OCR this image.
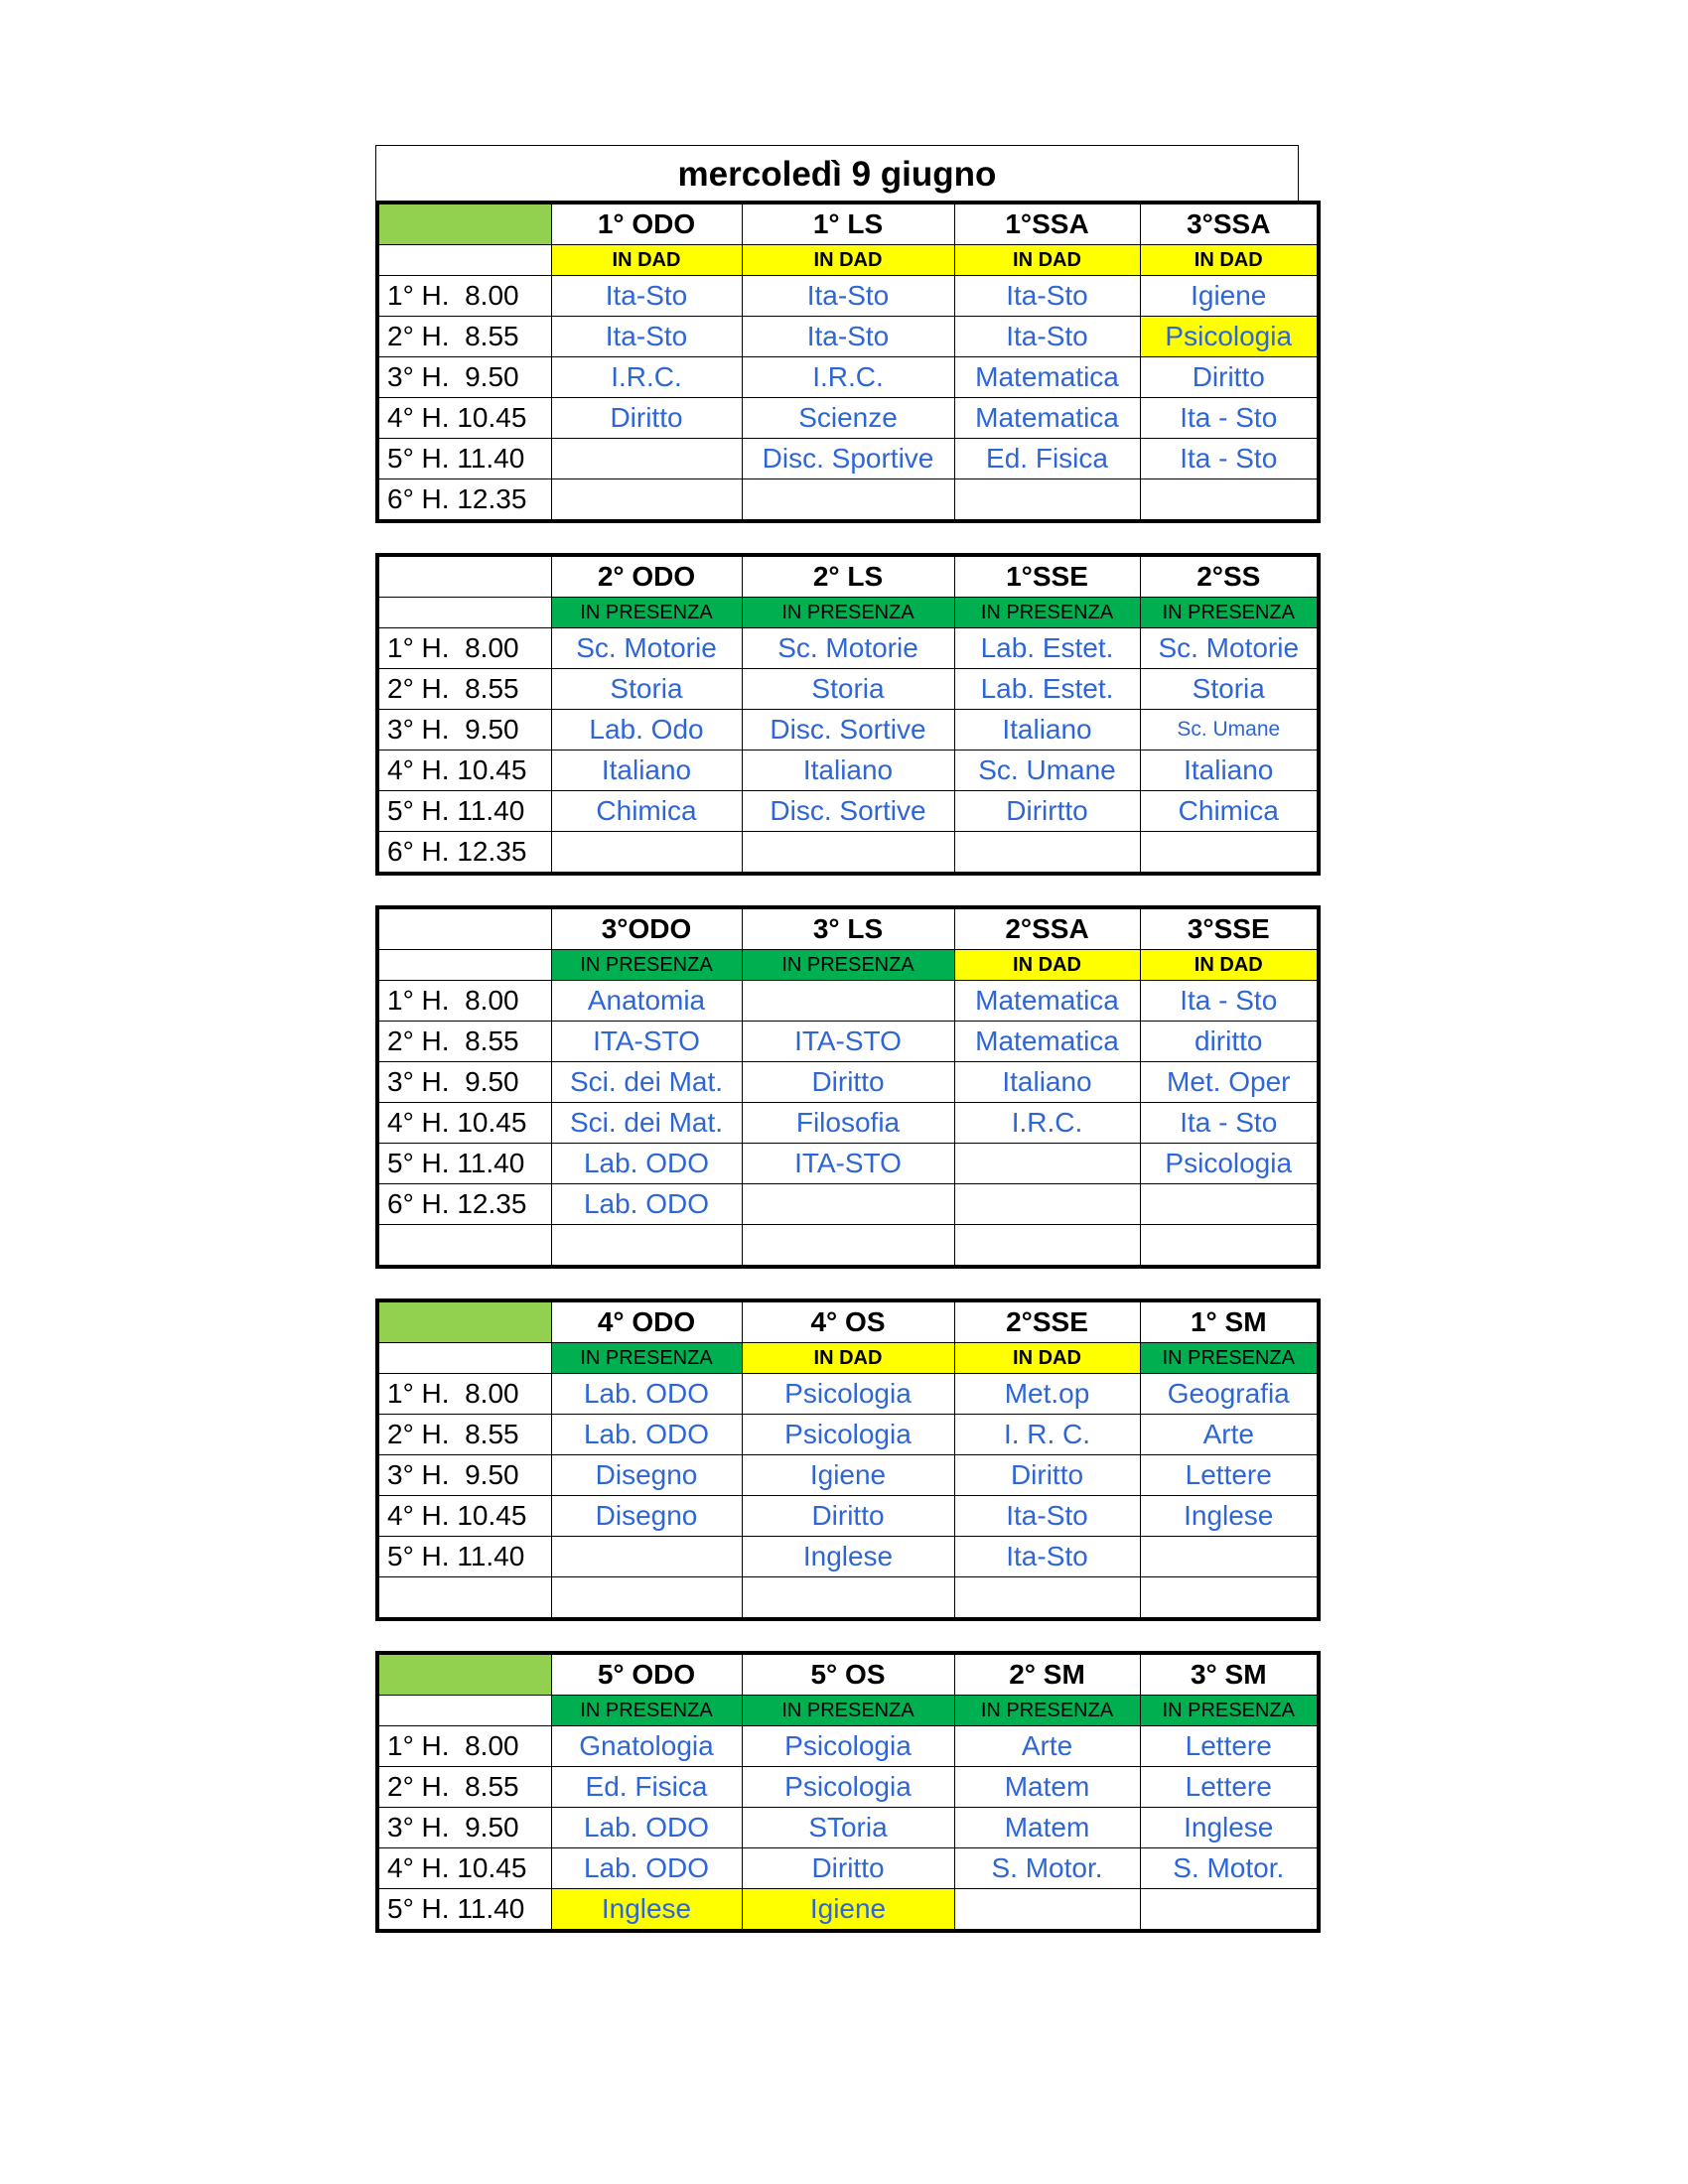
mercoledì 9 giugno
	1° ODO	1° LS	1°SSA	3°SSA
	IN DAD	IN DAD	IN DAD	IN DAD
1° H.  8.00	Ita-Sto	Ita-Sto	Ita-Sto	Igiene
2° H.  8.55	Ita-Sto	Ita-Sto	Ita-Sto	Psicologia
3° H.  9.50	I.R.C.	I.R.C.	Matematica	Diritto
4° H. 10.45	Diritto	Scienze	Matematica	Ita - Sto
5° H. 11.40		Disc. Sportive	Ed. Fisica	Ita - Sto
6° H. 12.35				
	2° ODO	2° LS	1°SSE	2°SS
	IN PRESENZA	IN PRESENZA	IN PRESENZA	IN PRESENZA
1° H.  8.00	Sc. Motorie	Sc. Motorie	Lab. Estet.	Sc. Motorie
2° H.  8.55	Storia	Storia	Lab. Estet.	Storia
3° H.  9.50	Lab. Odo	Disc. Sortive	Italiano	Sc. Umane
4° H. 10.45	Italiano	Italiano	Sc. Umane	Italiano
5° H. 11.40	Chimica	Disc. Sortive	Dirirtto	Chimica
6° H. 12.35				
	3°ODO	3° LS	2°SSA	3°SSE
	IN PRESENZA	IN PRESENZA	IN DAD	IN DAD
1° H.  8.00	Anatomia		Matematica	Ita - Sto
2° H.  8.55	ITA-STO	ITA-STO	Matematica	diritto
3° H.  9.50	Sci. dei Mat.	Diritto	Italiano	Met. Oper
4° H. 10.45	Sci. dei Mat.	Filosofia	I.R.C.	Ita - Sto
5° H. 11.40	Lab. ODO	ITA-STO		Psicologia
6° H. 12.35	Lab. ODO			

	4° ODO	4° OS	2°SSE	1° SM
	IN PRESENZA	IN DAD	IN DAD	IN PRESENZA
1° H.  8.00	Lab. ODO	Psicologia	Met.op	Geografia
2° H.  8.55	Lab. ODO	Psicologia	I. R. C.	Arte
3° H.  9.50	Disegno	Igiene	Diritto	Lettere
4° H. 10.45	Disegno	Diritto	Ita-Sto	Inglese
5° H. 11.40		Inglese	Ita-Sto	

	5° ODO	5° OS	2° SM	3° SM
	IN PRESENZA	IN PRESENZA	IN PRESENZA	IN PRESENZA
1° H.  8.00	Gnatologia	Psicologia	Arte	Lettere
2° H.  8.55	Ed. Fisica	Psicologia	Matem	Lettere
3° H.  9.50	Lab. ODO	SToria	Matem	Inglese
4° H. 10.45	Lab. ODO	Diritto	S. Motor.	S. Motor.
5° H. 11.40	Inglese	Igiene		
